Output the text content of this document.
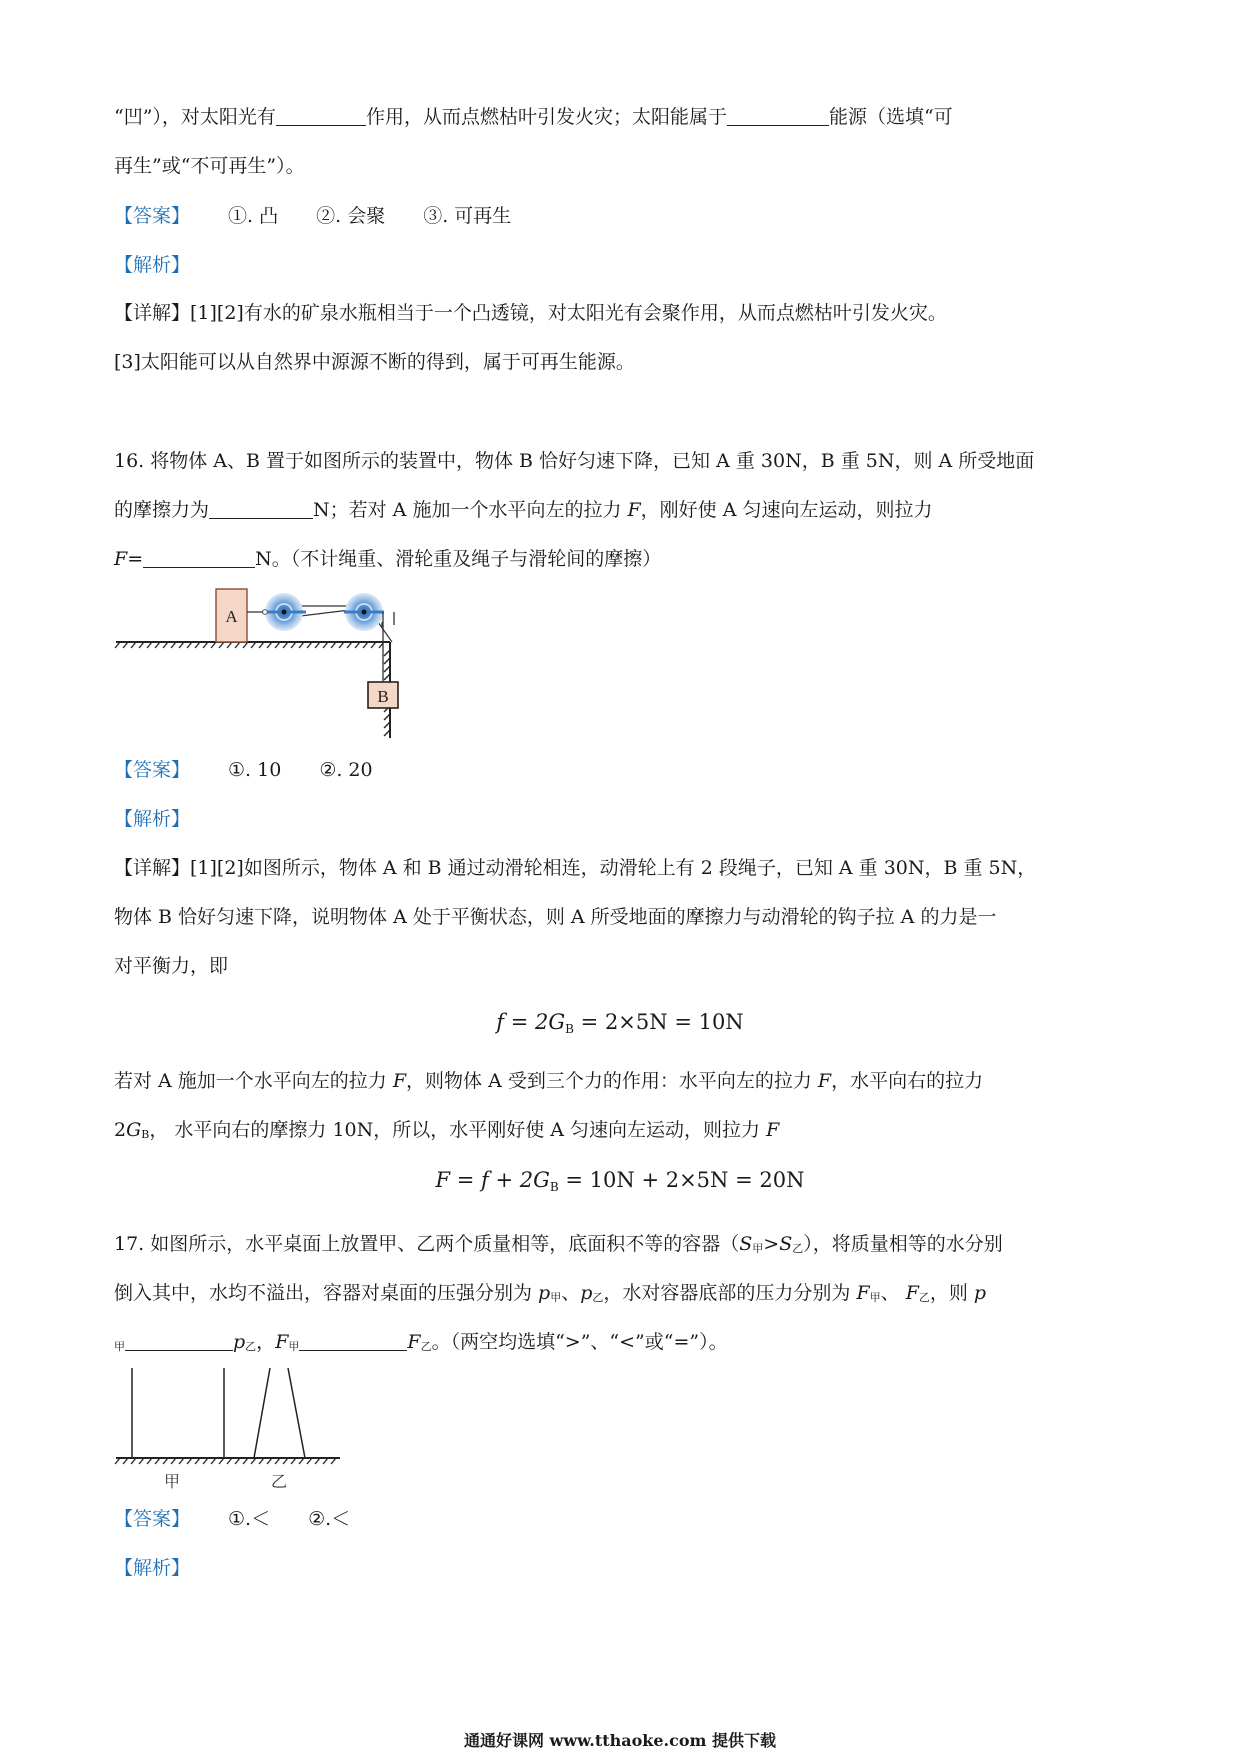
“凹”），对太阳光有	作用，从而点燃枯叶引发火灾；太阳能属于	能源（选填“可
再生”或“不可再生”）。
【答案】 ①. 凸 ②. 会聚 ③. 可再生
【解析】
【详解】[1][2]有水的矿泉水瓶相当于一个凸透镜，对太阳光有会聚作用，从而点燃枯叶引发火灾。
[3]太阳能可以从自然界中源源不断的得到，属于可再生能源。
16. 将物体 A、B 置于如图所示的装置中，物体 B 恰好匀速下降，已知 A 重 30N，B 重 5N，则 A 所受地面
的摩擦力为	N；若对 A 施加一个水平向左的拉力 F，刚好使 A 匀速向左运动，则拉力
F=	N。（不计绳重、滑轮重及绳子与滑轮间的摩擦）
A
B
【答案】 ①. 10 ②. 20
【解析】
【详解】[1][2]如图所示，物体 A 和 B 通过动滑轮相连，动滑轮上有 2 段绳子，已知 A 重 30N，B 重 5N，
物体 B 恰好匀速下降，说明物体 A 处于平衡状态，则 A 所受地面的摩擦力与动滑轮的钩子拉 A 的力是一
对平衡力，即
f = 2GB = 2×5N = 10N
若对 A 施加一个水平向左的拉力 F，则物体 A 受到三个力的作用：水平向左的拉力 F，水平向右的拉力
2GB， 水平向右的摩擦力 10N，所以，水平刚好使 A 匀速向左运动，则拉力 F
F = f + 2GB = 10N + 2×5N = 20N
17. 如图所示，水平桌面上放置甲、乙两个质量相等，底面积不等的容器（S甲>S乙），将质量相等的水分别
倒入其中，水均不溢出，容器对桌面的压强分别为 p甲、p乙，水对容器底部的压力分别为 F甲、 F乙，则 p
甲	p乙，F甲	F乙。（两空均选填“>”、“<”或“=”）。
甲	乙
【答案】 ①.＜ ②.＜
【解析】
通通好课网 www.tthaoke.com 提供下载
